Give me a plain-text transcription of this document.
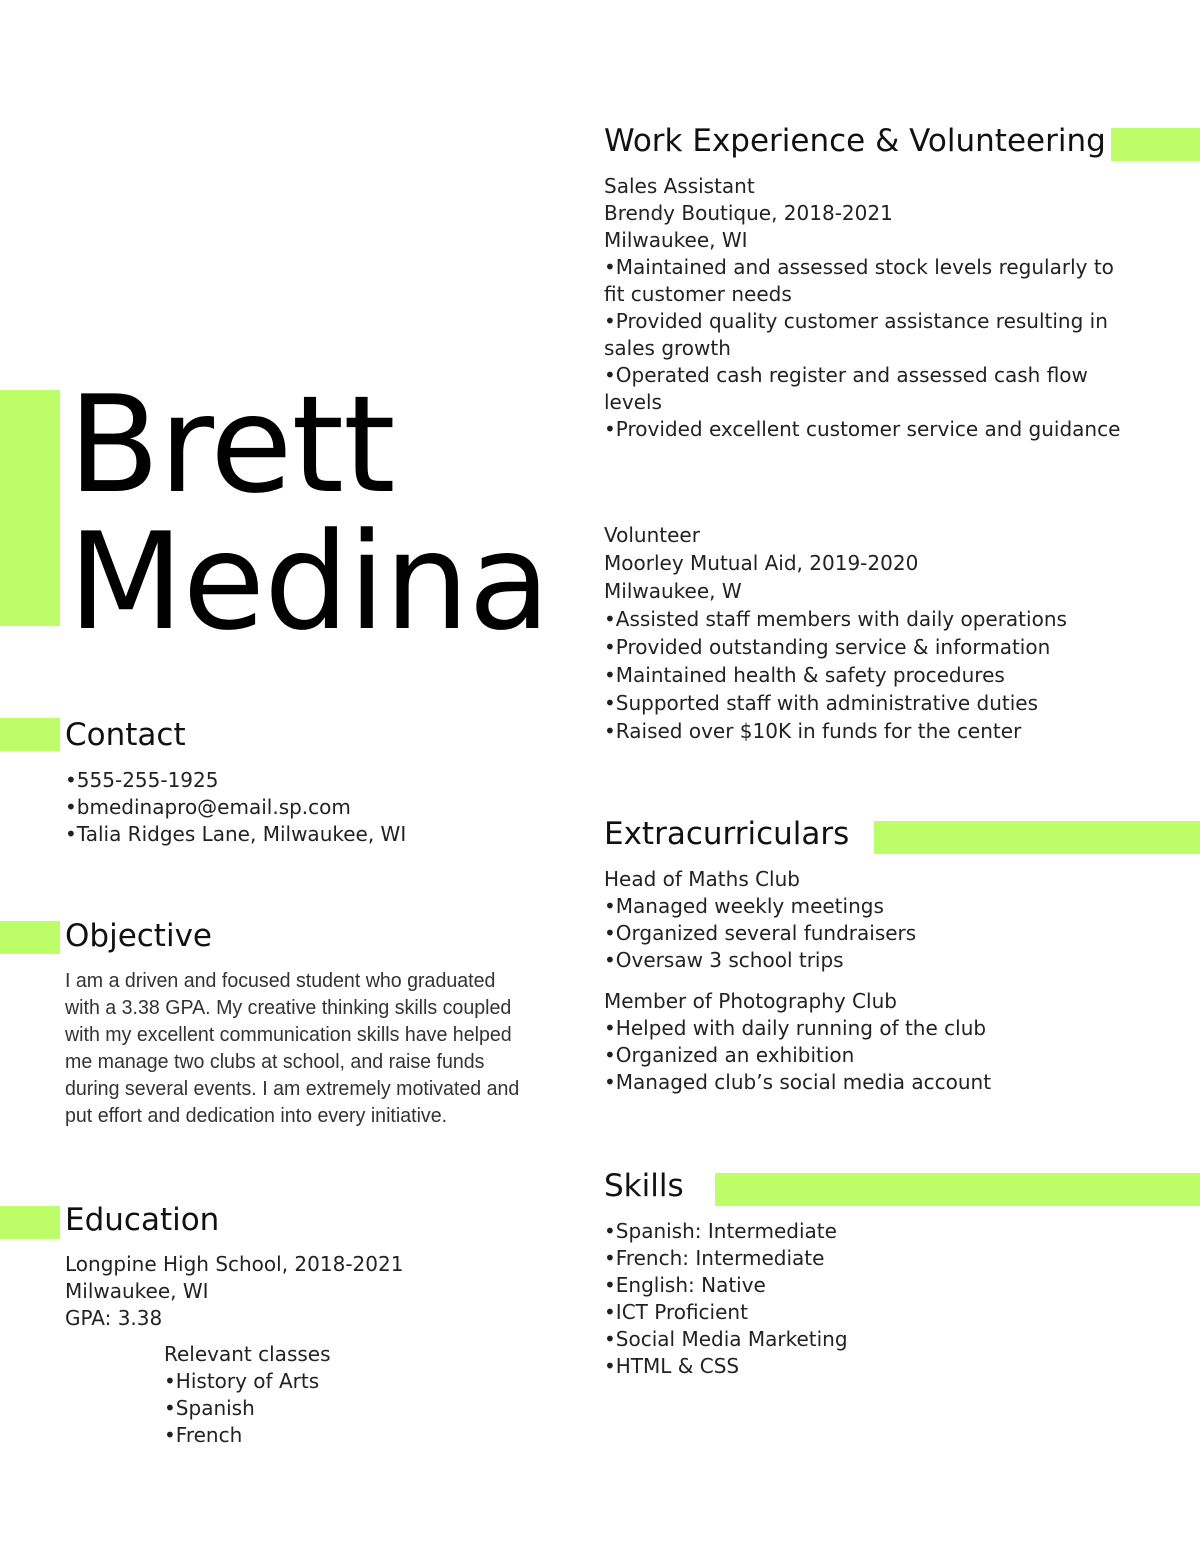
Brett
Medina
Contact
•555-255-1925
•bmedinapro@email.sp.com
•Talia Ridges Lane, Milwaukee, WI
Objective
I am a driven and focused student who graduated with a 3.38 GPA. My creative thinking skills coupled with my excellent communication skills have helped me manage two clubs at school, and raise funds during several events. I am extremely motivated and put effort and dedication into every initiative.
Education
Longpine High School, 2018-2021
Milwaukee, WI
GPA: 3.38
Relevant classes
•History of Arts
•Spanish
•French
Work Experience & Volunteering
Sales Assistant
Brendy Boutique, 2018-2021
Milwaukee, WI
•Maintained and assessed stock levels regularly to fit customer needs
•Provided quality customer assistance resulting in sales growth
•Operated cash register and assessed cash flow levels
•Provided excellent customer service and guidance
Volunteer
Moorley Mutual Aid, 2019-2020
Milwaukee, W
•Assisted staff members with daily operations
•Provided outstanding service & information
•Maintained health & safety procedures
•Supported staff with administrative duties
•Raised over $10K in funds for the center
Extracurriculars
Head of Maths Club
•Managed weekly meetings
•Organized several fundraisers
•Oversaw 3 school trips
Member of Photography Club
•Helped with daily running of the club
•Organized an exhibition
•Managed club’s social media account
Skills
•Spanish: Intermediate
•French: Intermediate
•English: Native
•ICT Proficient
•Social Media Marketing
•HTML & CSS
